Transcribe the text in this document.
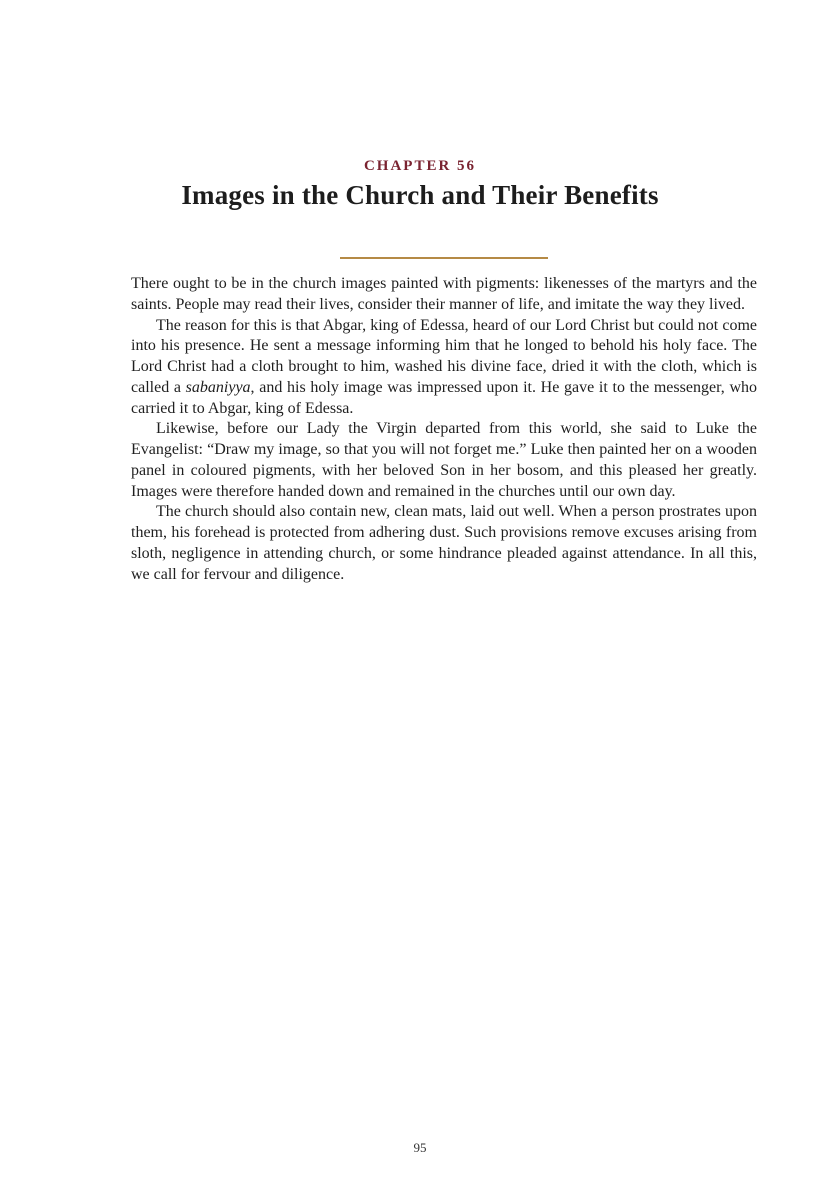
CHAPTER 56
Images in the Church and Their Benefits

There ought to be in the church images painted with pigments: likenesses of the martyrs and the saints. People may read their lives, consider their manner of life, and imitate the way they lived.

The reason for this is that Abgar, king of Edessa, heard of our Lord Christ but could not come into his presence. He sent a message informing him that he longed to behold his holy face. The Lord Christ had a cloth brought to him, washed his divine face, dried it with the cloth, which is called a sabaniyya, and his holy image was impressed upon it. He gave it to the messenger, who carried it to Abgar, king of Edessa.

Likewise, before our Lady the Virgin departed from this world, she said to Luke the Evangelist: “Draw my image, so that you will not forget me.” Luke then painted her on a wooden panel in coloured pigments, with her beloved Son in her bosom, and this pleased her greatly. Images were therefore handed down and remained in the churches until our own day.

The church should also contain new, clean mats, laid out well. When a person prostrates upon them, his forehead is protected from adhering dust. Such provisions remove excuses arising from sloth, negligence in attending church, or some hindrance pleaded against attendance. In all this, we call for fervour and diligence.

95
